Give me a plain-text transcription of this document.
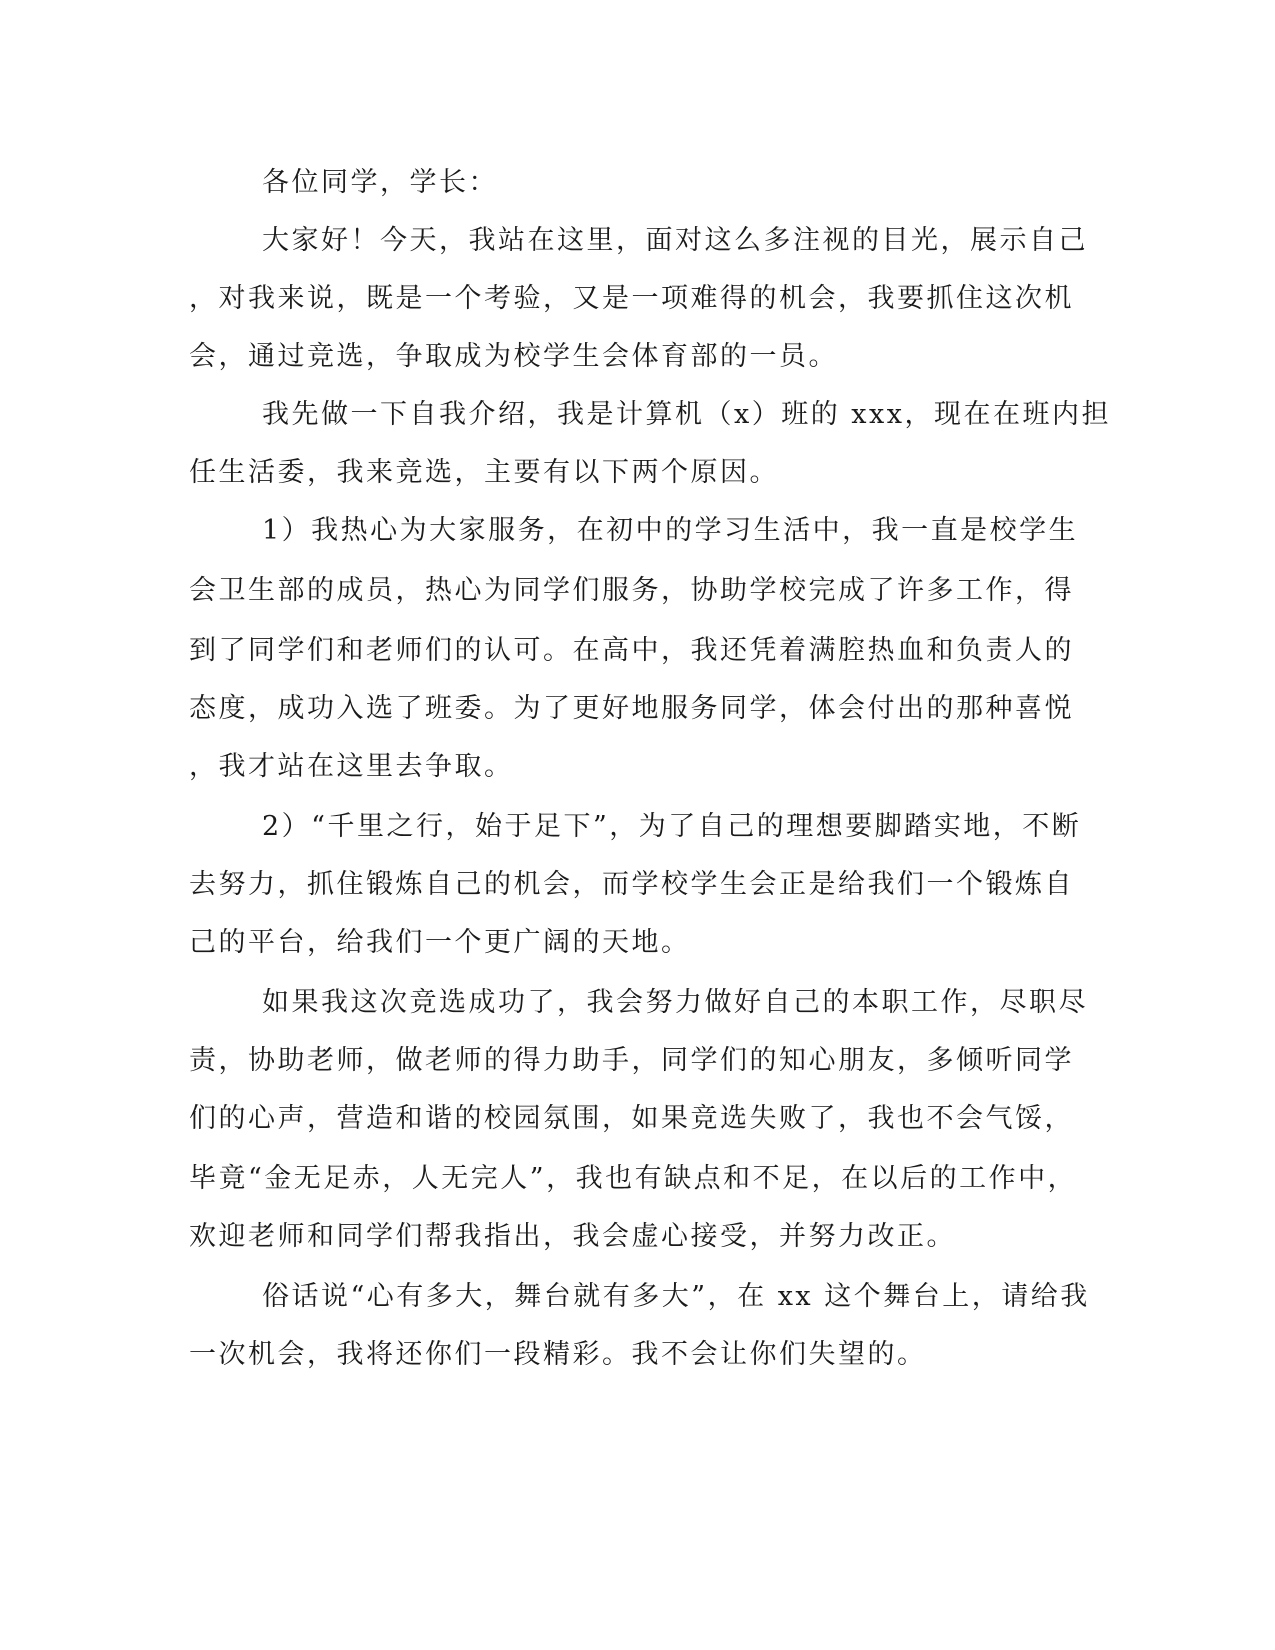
各位同学，学长：
大家好！今天，我站在这里，面对这么多注视的目光，展示自己
，对我来说，既是一个考验，又是一项难得的机会，我要抓住这次机
会，通过竞选，争取成为校学生会体育部的一员。
我先做一下自我介绍，我是计算机（x）班的 xxx，现在在班内担
任生活委，我来竞选，主要有以下两个原因。
1）我热心为大家服务，在初中的学习生活中，我一直是校学生
会卫生部的成员，热心为同学们服务，协助学校完成了许多工作，得
到了同学们和老师们的认可。在高中，我还凭着满腔热血和负责人的
态度，成功入选了班委。为了更好地服务同学，体会付出的那种喜悦
，我才站在这里去争取。
2）“千里之行，始于足下”，为了自己的理想要脚踏实地，不断
去努力，抓住锻炼自己的机会，而学校学生会正是给我们一个锻炼自
己的平台，给我们一个更广阔的天地。
如果我这次竞选成功了，我会努力做好自己的本职工作，尽职尽
责，协助老师，做老师的得力助手，同学们的知心朋友，多倾听同学
们的心声，营造和谐的校园氛围，如果竞选失败了，我也不会气馁，
毕竟“金无足赤，人无完人”，我也有缺点和不足，在以后的工作中，
欢迎老师和同学们帮我指出，我会虚心接受，并努力改正。
俗话说“心有多大，舞台就有多大”，在 xx 这个舞台上，请给我
一次机会，我将还你们一段精彩。我不会让你们失望的。
